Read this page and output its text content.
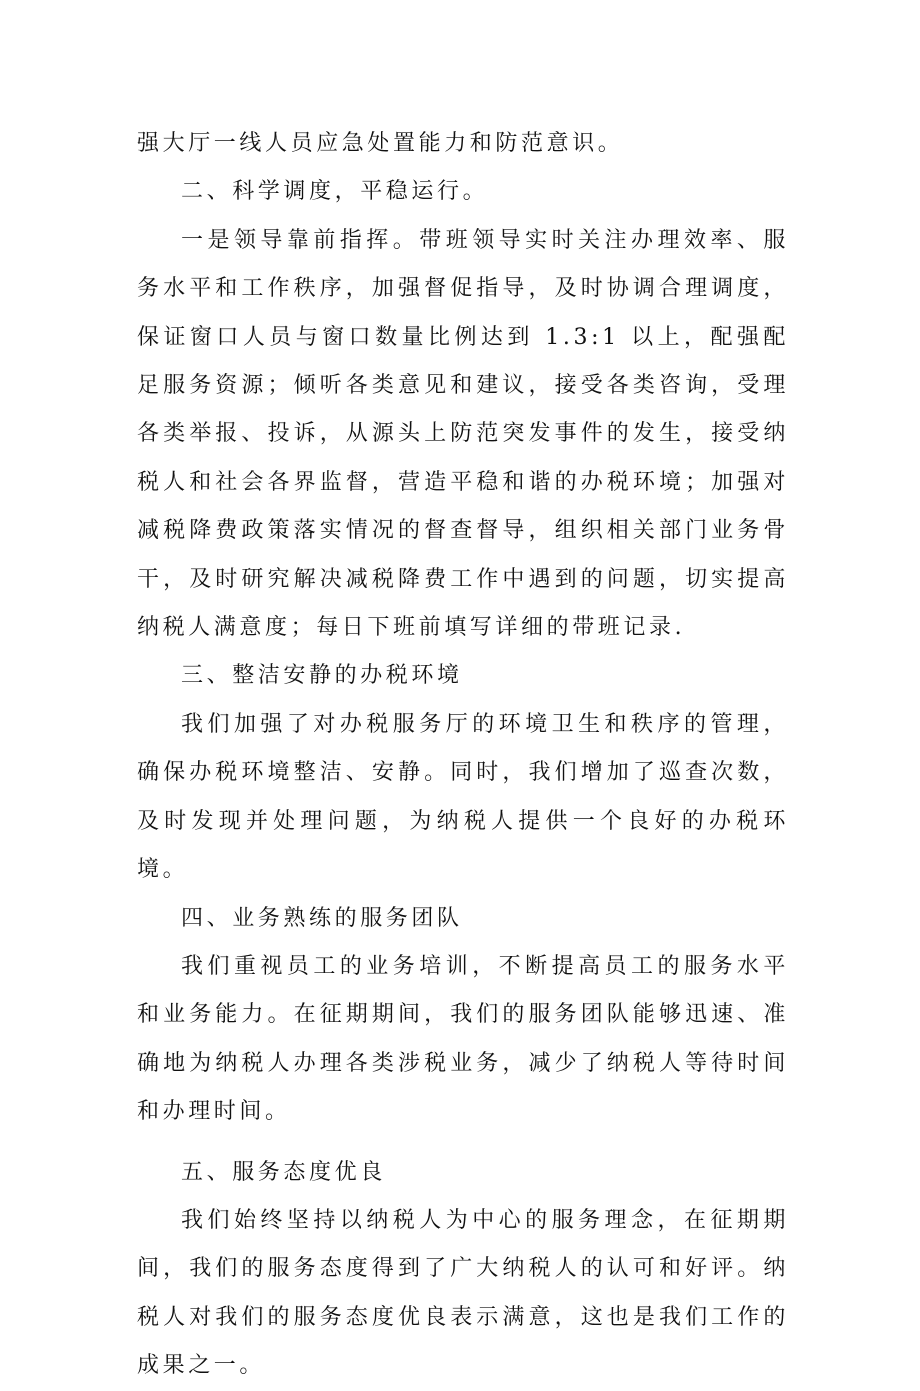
强大厅一线人员应急处置能力和防范意识。

二、科学调度，平稳运行。

一是领导靠前指挥。带班领导实时关注办理效率、服务水平和工作秩序，加强督促指导，及时协调合理调度，保证窗口人员与窗口数量比例达到 1.3:1 以上，配强配足服务资源；倾听各类意见和建议，接受各类咨询，受理各类举报、投诉，从源头上防范突发事件的发生，接受纳税人和社会各界监督，营造平稳和谐的办税环境；加强对减税降费政策落实情况的督查督导，组织相关部门业务骨干，及时研究解决减税降费工作中遇到的问题，切实提高纳税人满意度；每日下班前填写详细的带班记录.

三、整洁安静的办税环境

我们加强了对办税服务厅的环境卫生和秩序的管理，确保办税环境整洁、安静。同时，我们增加了巡查次数，及时发现并处理问题，为纳税人提供一个良好的办税环境。

四、业务熟练的服务团队

我们重视员工的业务培训，不断提高员工的服务水平和业务能力。在征期期间，我们的服务团队能够迅速、准确地为纳税人办理各类涉税业务，减少了纳税人等待时间和办理时间。

五、服务态度优良

我们始终坚持以纳税人为中心的服务理念，在征期期间，我们的服务态度得到了广大纳税人的认可和好评。纳税人对我们的服务态度优良表示满意，这也是我们工作的成果之一。
